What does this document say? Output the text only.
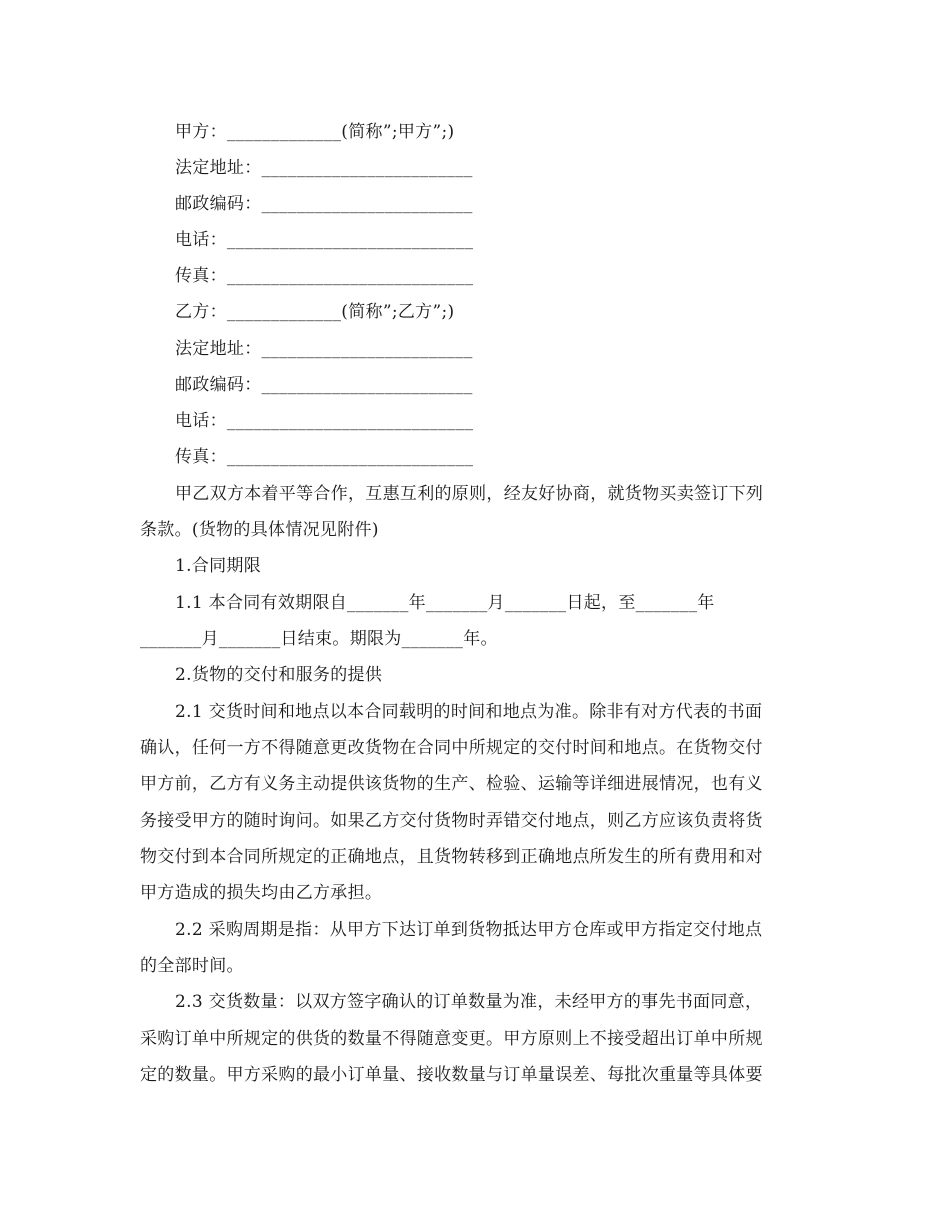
甲方：_____________(简称”;甲方”;)
法定地址：________________________
邮政编码：________________________
电话：____________________________
传真：____________________________
乙方：_____________(简称”;乙方”;)
法定地址：________________________
邮政编码：________________________
电话：____________________________
传真：____________________________
甲乙双方本着平等合作，互惠互利的原则，经友好协商，就货物买卖签订下列
条款。(货物的具体情况见附件)
1.合同期限
1.1 本合同有效期限自_______年_______月_______日起，至_______年
_______月_______日结束。期限为_______年。
2.货物的交付和服务的提供
2.1 交货时间和地点以本合同载明的时间和地点为准。除非有对方代表的书面
确认，任何一方不得随意更改货物在合同中所规定的交付时间和地点。在货物交付
甲方前，乙方有义务主动提供该货物的生产、检验、运输等详细进展情况，也有义
务接受甲方的随时询问。如果乙方交付货物时弄错交付地点，则乙方应该负责将货
物交付到本合同所规定的正确地点，且货物转移到正确地点所发生的所有费用和对
甲方造成的损失均由乙方承担。
2.2 采购周期是指：从甲方下达订单到货物抵达甲方仓库或甲方指定交付地点
的全部时间。
2.3 交货数量：以双方签字确认的订单数量为准，未经甲方的事先书面同意，
采购订单中所规定的供货的数量不得随意变更。甲方原则上不接受超出订单中所规
定的数量。甲方采购的最小订单量、接收数量与订单量误差、每批次重量等具体要
